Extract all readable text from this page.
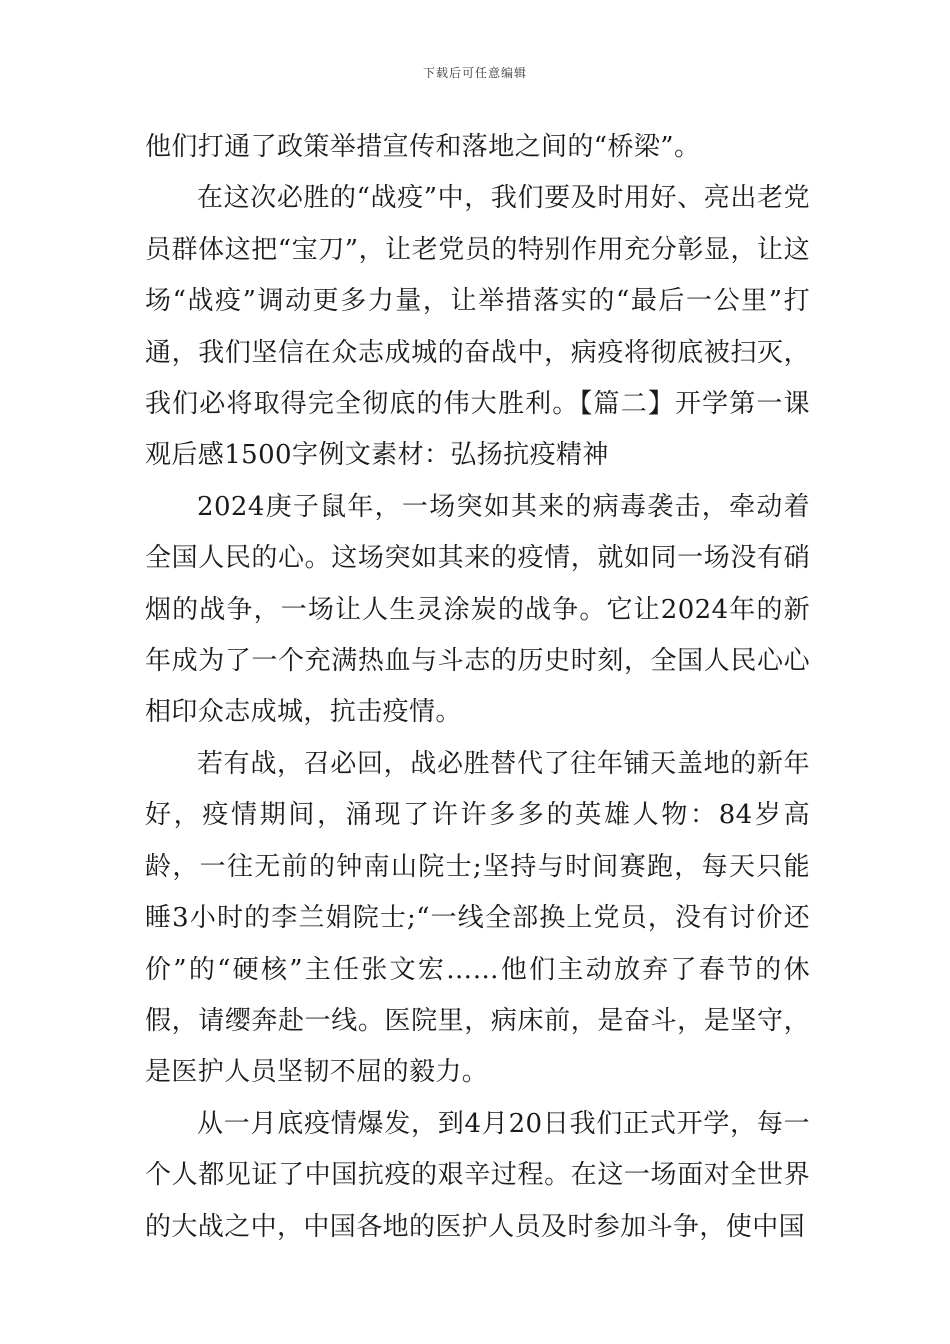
下载后可任意编辑

他们打通了政策举措宣传和落地之间的“桥梁”。

在这次必胜的“战疫”中，我们要及时用好、亮出老党员群体这把“宝刀”，让老党员的特别作用充分彰显，让这场“战疫”调动更多力量，让举措落实的“最后一公里”打通，我们坚信在众志成城的奋战中，病疫将彻底被扫灭，我们必将取得完全彻底的伟大胜利。【篇二】开学第一课观后感1500字例文素材：弘扬抗疫精神

2024庚子鼠年，一场突如其来的病毒袭击，牵动着全国人民的心。这场突如其来的疫情，就如同一场没有硝烟的战争，一场让人生灵涂炭的战争。它让2024年的新年成为了一个充满热血与斗志的历史时刻，全国人民心心相印众志成城，抗击疫情。

若有战，召必回，战必胜替代了往年铺天盖地的新年好，疫情期间，涌现了许许多多的英雄人物：84岁高龄，一往无前的钟南山院士;坚持与时间赛跑，每天只能睡3小时的李兰娟院士;“一线全部换上党员，没有讨价还价”的“硬核”主任张文宏……他们主动放弃了春节的休假，请缨奔赴一线。医院里，病床前，是奋斗，是坚守，是医护人员坚韧不屈的毅力。

从一月底疫情爆发，到4月20日我们正式开学，每一个人都见证了中国抗疫的艰辛过程。在这一场面对全世界的大战之中，中国各地的医护人员及时参加斗争，使中国
